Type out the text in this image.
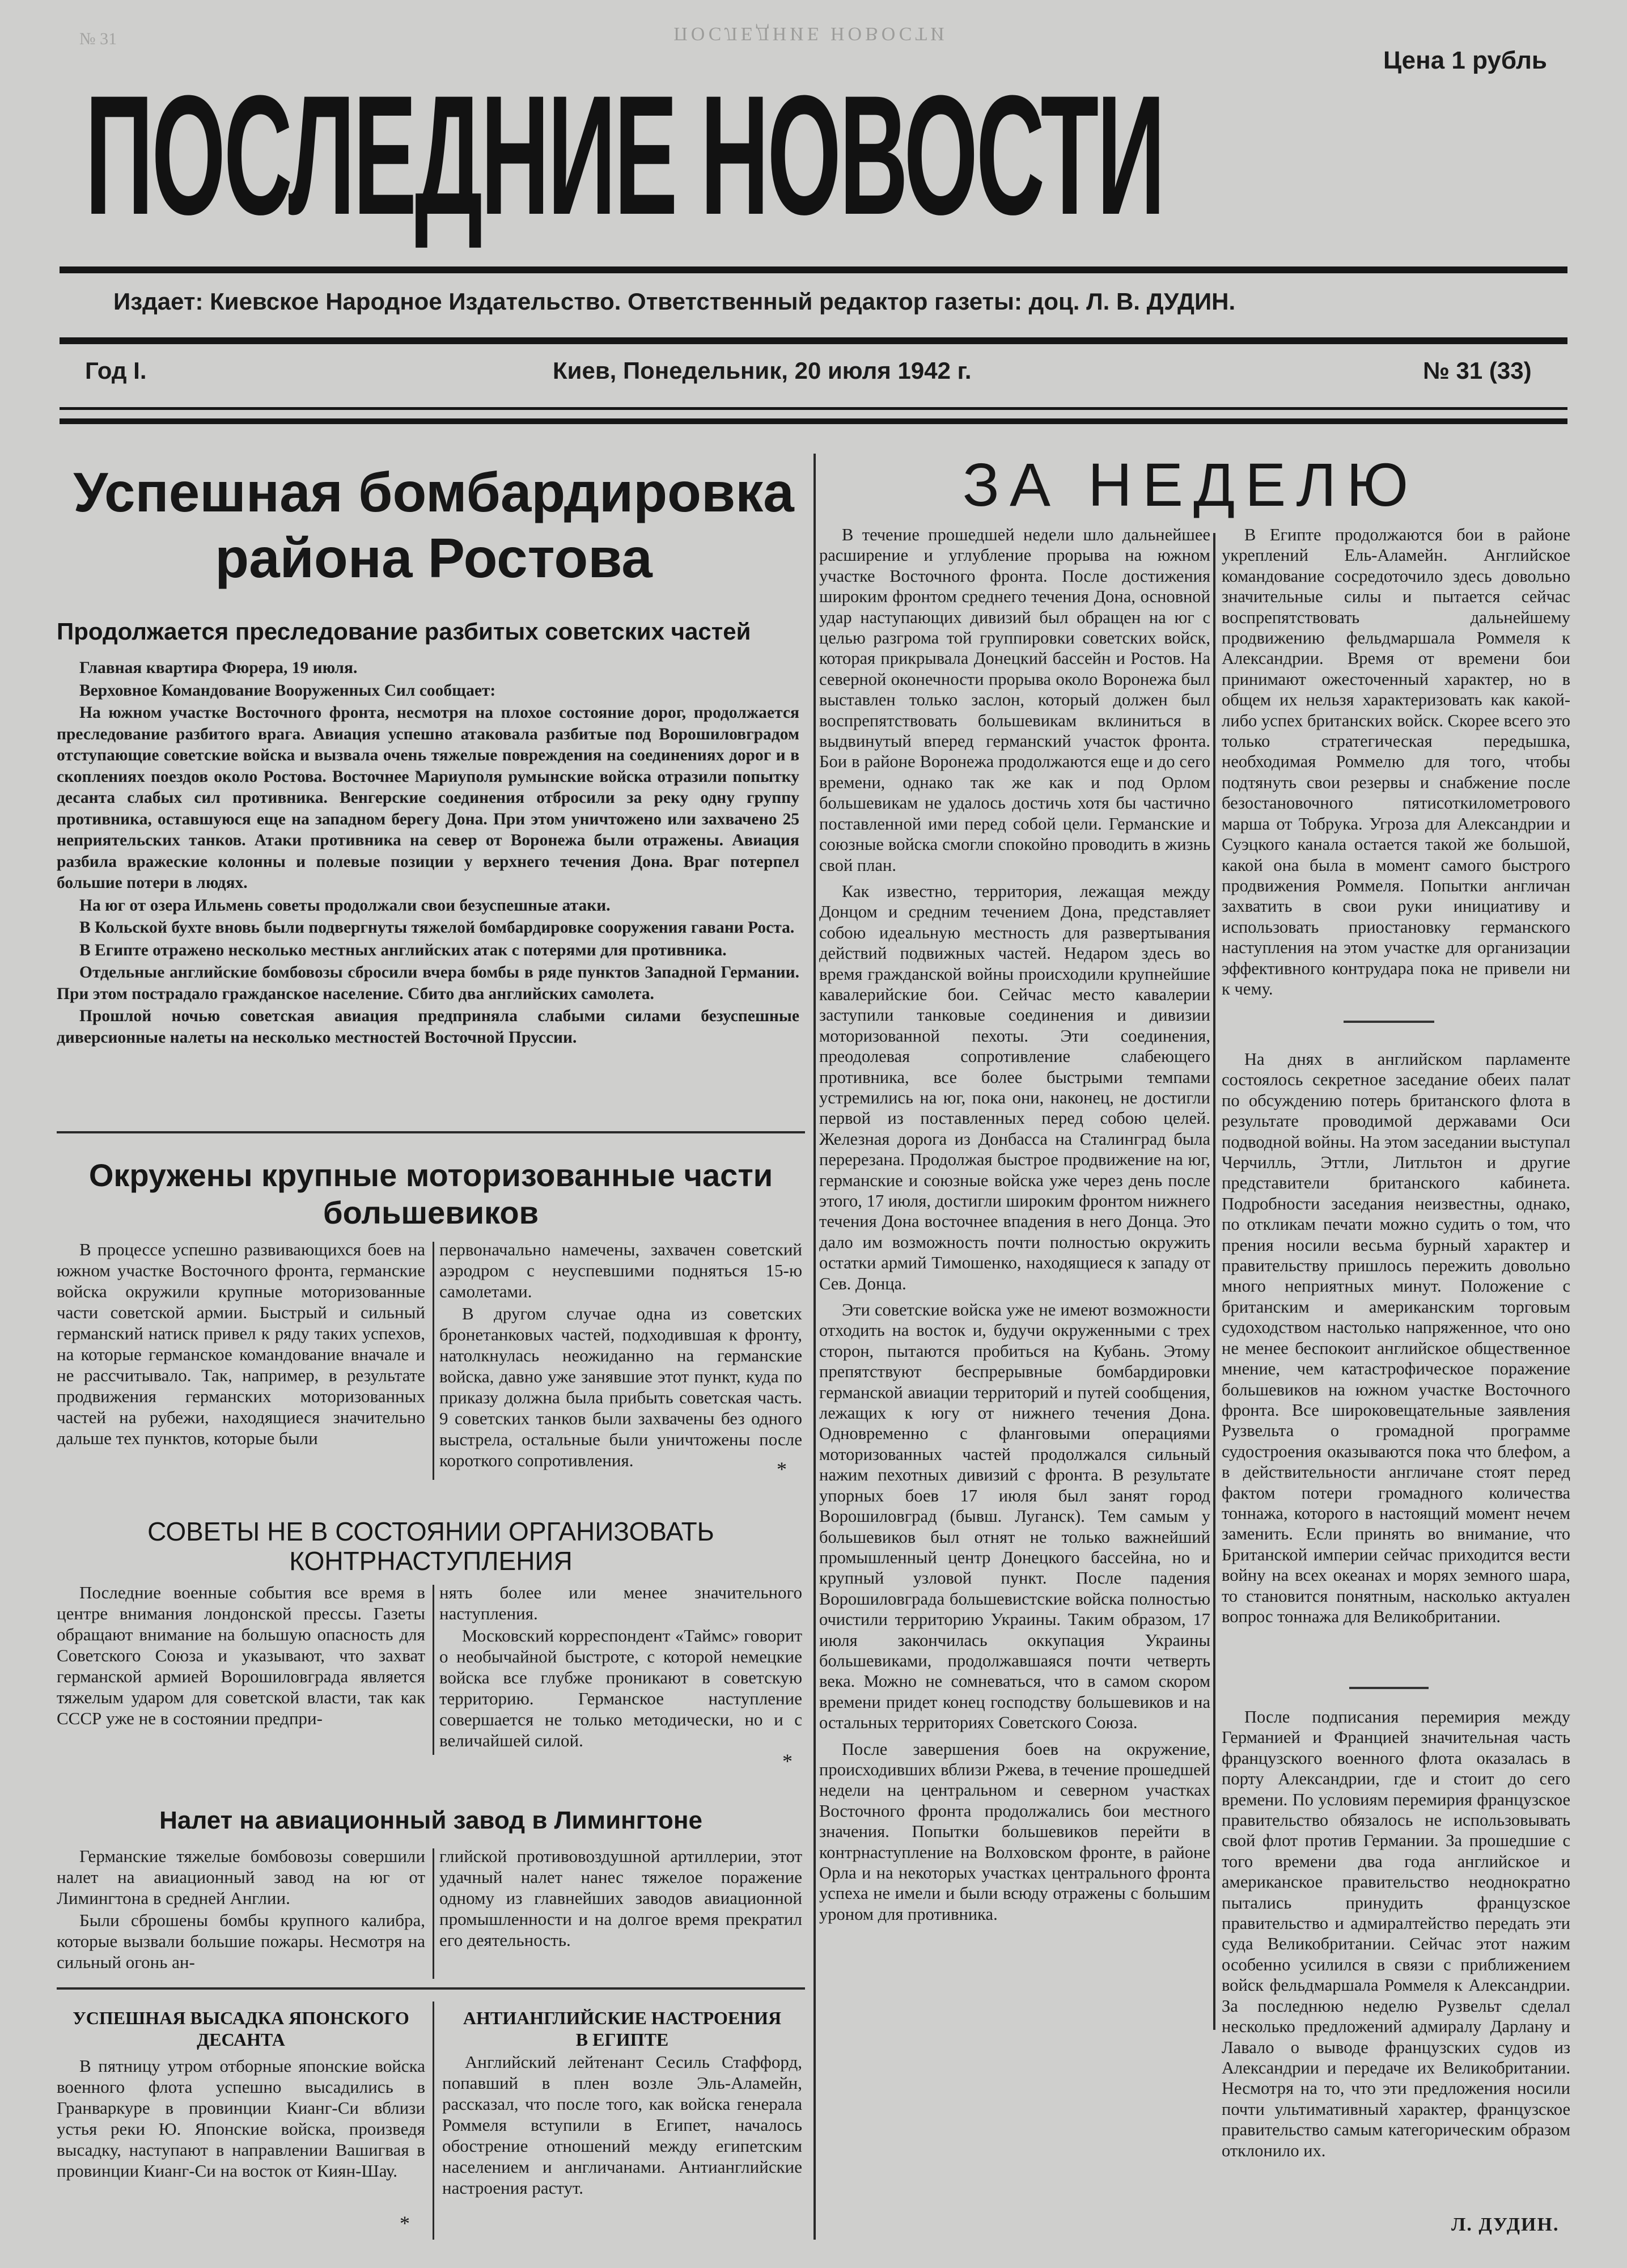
ПОСЛЕДНИЕ НОВОСТИ
№ 31
Цена 1 рубль
ПОСЛЕДНИЕ НОВОСТИ
Издает: Киевское Народное Издательство. Ответственный редактор газеты: доц. Л. В. ДУДИН.
Год I.	Киев, Понедельник, 20 июля 1942 г.	№ 31 (33)
Успешная бомбардировка
района Ростова
Продолжается преследование разбитых советских частей

Главная квартира Фюрера, 19 июля.

Верховное Командование Вооруженных Сил сообщает:

На южном участке Восточного фронта, несмотря на плохое состояние дорог, продолжается преследование разбитого врага. Авиация успешно атаковала разбитые под Ворошиловградом отступающие советские войска и вызвала очень тяжелые повреждения на соединениях дорог и в скоплениях поездов около Ростова. Восточнее Мариуполя румынские войска отразили попытку десанта слабых сил противника. Венгерские соединения отбросили за реку одну группу противника, оставшуюся еще на западном берегу Дона. При этом уничтожено или захвачено 25 неприятельских танков. Атаки противника на север от Воронежа были отражены. Авиация разбила вражеские колонны и полевые позиции у верхнего течения Дона. Враг потерпел большие потери в людях.

На юг от озера Ильмень советы продолжали свои безуспешные атаки.

В Кольской бухте вновь были подвергнуты тяжелой бомбардировке сооружения гавани Роста.

В Египте отражено несколько местных английских атак с потерями для противника.

Отдельные английские бомбовозы сбросили вчера бомбы в ряде пунктов Западной Германии. При этом пострадало гражданское население. Сбито два английских самолета.

Прошлой ночью советская авиация предприняла слабыми силами безуспешные диверсионные налеты на несколько местностей Восточной Пруссии.

Окружены крупные моторизованные части
большевиков

В процессе успешно развивающихся боев на южном участке Восточного фронта, германские войска окружили крупные моторизованные части советской армии. Быстрый и сильный германский натиск привел к ряду таких успехов, на которые германское командование вначале и не рассчитывало. Так, например, в результате продвижения германских моторизованных частей на рубежи, находящиеся значительно дальше тех пунктов, которые были

первоначально намечены, захвачен советский аэродром с неуспевшими подняться 15-ю самолетами.

В другом случае одна из советских бронетанковых частей, подходившая к фронту, натолкнулась неожиданно на германские войска, давно уже занявшие этот пункт, куда по приказу должна была прибыть советская часть. 9 советских танков были захвачены без одного выстрела, остальные были уничтожены после короткого сопротивления.	*
СОВЕТЫ НЕ В СОСТОЯНИИ ОРГАНИЗОВАТЬ
КОНТРНАСТУПЛЕНИЯ

Последние военные события все время в центре внимания лондонской прессы. Газеты обращают внимание на большую опасность для Советского Союза и указывают, что захват германской армией Ворошиловграда является тяжелым ударом для советской власти, так как СССР уже не в состоянии предпри-

нять более или менее значительного наступления.

Московский корреспондент «Таймс» говорит о необычайной быстроте, с которой немецкие войска все глубже проникают в советскую территорию. Германское наступление совершается не только методически, но и с величайшей силой.

*
Налет на авиационный завод в Лимингтоне

Германские тяжелые бомбовозы совершили налет на авиационный завод на юг от Лимингтона в средней Англии.

Были сброшены бомбы крупного калибра, которые вызвали большие пожары. Несмотря на сильный огонь ан-

глийской противовоздушной артиллерии, этот удачный налет нанес тяжелое поражение одному из главнейших заводов авиационной промышленности и на долгое время прекратил его деятельность.

УСПЕШНАЯ ВЫСАДКА ЯПОНСКОГО
ДЕСАНТА

В пятницу утром отборные японские войска военного флота успешно высадились в Гранваркуре в провинции Кианг-Си вблизи устья реки Ю. Японские войска, произведя высадку, наступают в направлении Вашигвая в провинции Кианг-Си на восток от Киян-Шау.

АНТИАНГЛИЙСКИЕ НАСТРОЕНИЯ
В ЕГИПТЕ

Английский лейтенант Сесиль Стаффорд, попавший в плен возле Эль-Аламейн, рассказал, что после того, как войска генерала Роммеля вступили в Египет, началось обострение отношений между египетским населением и англичанами. Антианглийские настроения растут.

*
ЗА НЕДЕЛЮ

В течение прошедшей недели шло дальнейшее расширение и углубление прорыва на южном участке Восточного фронта. После достижения широким фронтом среднего течения Дона, основной удар наступающих дивизий был обращен на юг с целью разгрома той группировки советских войск, которая прикрывала Донецкий бассейн и Ростов. На северной оконечности прорыва около Воронежа был выставлен только заслон, который должен был воспрепятствовать большевикам вклиниться в выдвинутый вперед германский участок фронта. Бои в районе Воронежа продолжаются еще и до сего времени, однако так же как и под Орлом большевикам не удалось достичь хотя бы частично поставленной ими перед собой цели. Германские и союзные войска смогли спокойно проводить в жизнь свой план.

Как известно, территория, лежащая между Донцом и средним течением Дона, представляет собою идеальную местность для развертывания действий подвижных частей. Недаром здесь во время гражданской войны происходили крупнейшие кавалерийские бои. Сейчас место кавалерии заступили танковые соединения и дивизии моторизованной пехоты. Эти соединения, преодолевая сопротивление слабеющего противника, все более быстрыми темпами устремились на юг, пока они, наконец, не достигли первой из поставленных перед собою целей. Железная дорога из Донбасса на Сталинград была перерезана. Продолжая быстрое продвижение на юг, германские и союзные войска уже через день после этого, 17 июля, достигли широким фронтом нижнего течения Дона восточнее впадения в него Донца. Это дало им возможность почти полностью окружить остатки армий Тимошенко, находящиеся к западу от Сев. Донца.

Эти советские войска уже не имеют возможности отходить на восток и, будучи окруженными с трех сторон, пытаются пробиться на Кубань. Этому препятствуют беспрерывные бомбардировки германской авиации территорий и путей сообщения, лежащих к югу от нижнего течения Дона. Одновременно с фланговыми операциями моторизованных частей продолжался сильный нажим пехотных дивизий с фронта. В результате упорных боев 17 июля был занят город Ворошиловград (бывш. Луганск). Тем самым у большевиков был отнят не только важнейший промышленный центр Донецкого бассейна, но и крупный узловой пункт. После падения Ворошиловграда большевистские войска полностью очистили территорию Украины. Таким образом, 17 июля закончилась оккупация Украины большевиками, продолжавшаяся почти четверть века. Можно не сомневаться, что в самом скором времени придет конец господству большевиков и на остальных территориях Советского Союза.

После завершения боев на окружение, происходивших вблизи Ржева, в течение прошедшей недели на центральном и северном участках Восточного фронта продолжались бои местного значения. Попытки большевиков перейти в контрнаступление на Волховском фронте, в районе Орла и на некоторых участках центрального фронта успеха не имели и были всюду отражены с большим уроном для противника.

В Египте продолжаются бои в районе укреплений Ель-Аламейн. Английское командование сосредоточило здесь довольно значительные силы и пытается сейчас воспрепятствовать дальнейшему продвижению фельдмаршала Роммеля к Александрии. Время от времени бои принимают ожесточенный характер, но в общем их нельзя характеризовать как какой-либо успех британских войск. Скорее всего это только стратегическая передышка, необходимая Роммелю для того, чтобы подтянуть свои резервы и снабжение после безостановочного пятисоткилометрового марша от Тобрука. Угроза для Александрии и Суэцкого канала остается такой же большой, какой она была в момент самого быстрого продвижения Роммеля. Попытки англичан захватить в свои руки инициативу и использовать приостановку германского наступления на этом участке для организации эффективного контрудара пока не привели ни к чему.

На днях в английском парламенте состоялось секретное заседание обеих палат по обсуждению потерь британского флота в результате проводимой державами Оси подводной войны. На этом заседании выступал Черчилль, Эттли, Литльтон и другие представители британского кабинета. Подробности заседания неизвестны, однако, по откликам печати можно судить о том, что прения носили весьма бурный характер и правительству пришлось пережить довольно много неприятных минут. Положение с британским и американским торговым судоходством настолько напряженное, что оно не менее беспокоит английское общественное мнение, чем катастрофическое поражение большевиков на южном участке Восточного фронта. Все широковещательные заявления Рузвельта о громадной программе судостроения оказываются пока что блефом, а в действительности англичане стоят перед фактом потери громадного количества тоннажа, которого в настоящий момент нечем заменить. Если принять во внимание, что Британской империи сейчас приходится вести войну на всех океанах и морях земного шара, то становится понятным, насколько актуален вопрос тоннажа для Великобритании.

После подписания перемирия между Германией и Францией значительная часть французского военного флота оказалась в порту Александрии, где и стоит до сего времени. По условиям перемирия французское правительство обязалось не использовывать свой флот против Германии. За прошедшие с того времени два года английское и американское правительство неоднократно пытались принудить французское правительство и адмиралтейство передать эти суда Великобритании. Сейчас этот нажим особенно усилился в связи с приближением войск фельдмаршала Роммеля к Александрии. За последнюю неделю Рузвельт сделал несколько предложений адмиралу Дарлану и Лавало о выводе французских судов из Александрии и передаче их Великобритании. Несмотря на то, что эти предложения носили почти ультимативный характер, французское правительство самым категорическим образом отклонило их.

Л. ДУДИН.
